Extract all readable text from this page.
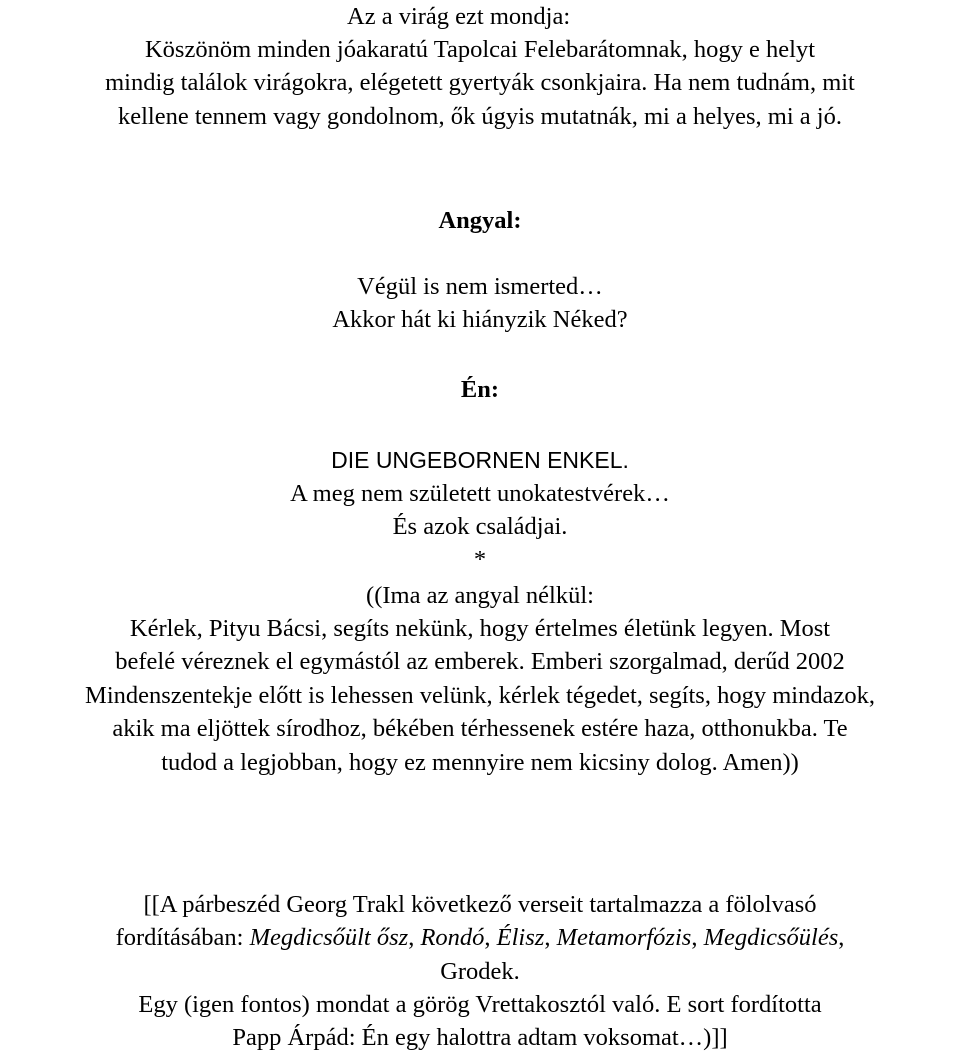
Az a virág ezt mondja:
Köszönöm minden jóakaratú Tapolcai Felebarátomnak, hogy e helyt
mindig találok virágokra, elégetett gyertyák csonkjaira. Ha nem tudnám, mit
kellene tennem vagy gondolnom, ők úgyis mutatnák, mi a helyes, mi a jó.
Angyal:
Végül is nem ismerted…
Akkor hát ki hiányzik Néked?
Én:
DIE UNGEBORNEN ENKEL.
A meg nem született unokatestvérek…
És azok családjai.
*
((Ima az angyal nélkül:
Kérlek, Pityu Bácsi, segíts nekünk, hogy értelmes életünk legyen. Most
befelé véreznek el egymástól az emberek. Emberi szorgalmad, derűd 2002
Mindenszentekje előtt is lehessen velünk, kérlek tégedet, segíts, hogy mindazok,
akik ma eljöttek sírodhoz, békében térhessenek estére haza, otthonukba. Te
tudod a legjobban, hogy ez mennyire nem kicsiny dolog. Amen))
[[A párbeszéd Georg Trakl következő verseit tartalmazza a fölolvasó
fordításában: Megdicsőült ősz, Rondó, Élisz, Metamorfózis, Megdicsőülés,
Grodek.
Egy (igen fontos) mondat a görög Vrettakosztól való. E sort fordította
Papp Árpád: Én egy halottra adtam voksomat…)]]
